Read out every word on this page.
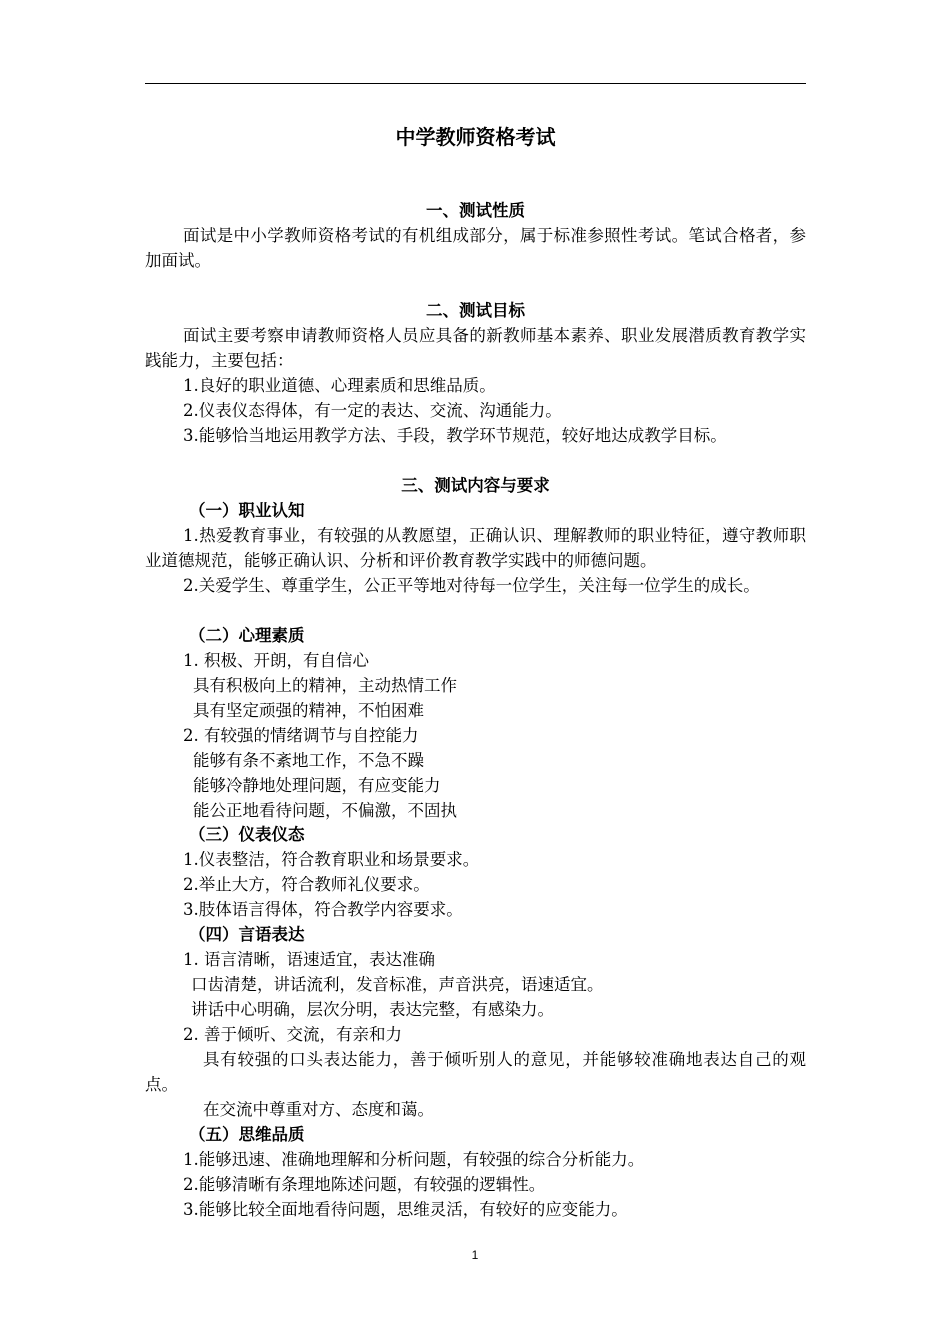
中学教师资格考试
一、测试性质
面试是中小学教师资格考试的有机组成部分，属于标准参照性考试。笔试合格者，参加面试。
二、测试目标
面试主要考察申请教师资格人员应具备的新教师基本素养、职业发展潜质教育教学实践能力，主要包括：
1.良好的职业道德、心理素质和思维品质。
2.仪表仪态得体，有一定的表达、交流、沟通能力。
3.能够恰当地运用教学方法、手段，教学环节规范，较好地达成教学目标。
三、测试内容与要求
（一）职业认知
1.热爱教育事业，有较强的从教愿望，正确认识、理解教师的职业特征，遵守教师职业道德规范，能够正确认识、分析和评价教育教学实践中的师德问题。
2.关爱学生、尊重学生，公正平等地对待每一位学生，关注每一位学生的成长。
（二）心理素质
1. 积极、开朗，有自信心
具有积极向上的精神，主动热情工作
具有坚定顽强的精神，不怕困难
2. 有较强的情绪调节与自控能力
能够有条不紊地工作，不急不躁
能够冷静地处理问题，有应变能力
能公正地看待问题，不偏激，不固执
（三）仪表仪态
1.仪表整洁，符合教育职业和场景要求。
2.举止大方，符合教师礼仪要求。
3.肢体语言得体，符合教学内容要求。
（四）言语表达
1. 语言清晰，语速适宜，表达准确
口齿清楚，讲话流利，发音标准，声音洪亮，语速适宜。
讲话中心明确，层次分明，表达完整，有感染力。
2. 善于倾听、交流，有亲和力
具有较强的口头表达能力，善于倾听别人的意见，并能够较准确地表达自己的观点。
在交流中尊重对方、态度和蔼。
（五）思维品质
1.能够迅速、准确地理解和分析问题，有较强的综合分析能力。
2.能够清晰有条理地陈述问题，有较强的逻辑性。
3.能够比较全面地看待问题，思维灵活，有较好的应变能力。
1
